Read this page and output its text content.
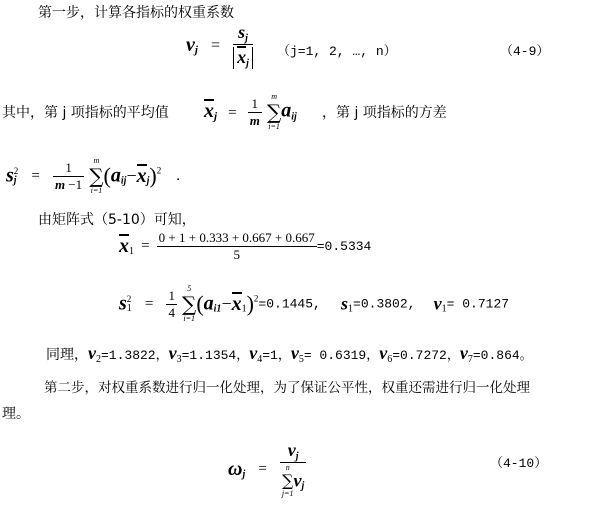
第一步，计算各指标的权重系数
$v_j = \frac{s_j}{x_j} (j=1$, 2, …, n）	（4-9）
其中，第 j 项指标的平均值 $x_j = \frac{1}{m}$
m
∑
i=1
$a_{ij}$ ，第 j 项指标的方差
s 2
$j = \frac{1}{m -1}$
m
∑
i=1
$(a_{ij}-x_j)^2$ .
由矩阵式（5-10）可知，
$x_1 = \frac{0 + 1 + 0.333 + 0.667 + 0.667}{5} =0.5334$
s 2
$1 = \frac{1}{4}$
5
∑
i=1
$(a_{i1}-x_1)^2=0.1445$, $s_1=0.3802$, $v_1= 0.7127$
同理，$v_2=1.3822$，$v_3=1.1354$，$v_4=1$，$v_5= 0.6319$，$v_6=0.7272$，$v_7=0.864$。
第二步，对权重系数进行归一化处理，为了保证公平性，权重还需进行归一化处理
理。
$\omega_j = v_j$
n
∑
j=1
$v_j$	（4-10）
